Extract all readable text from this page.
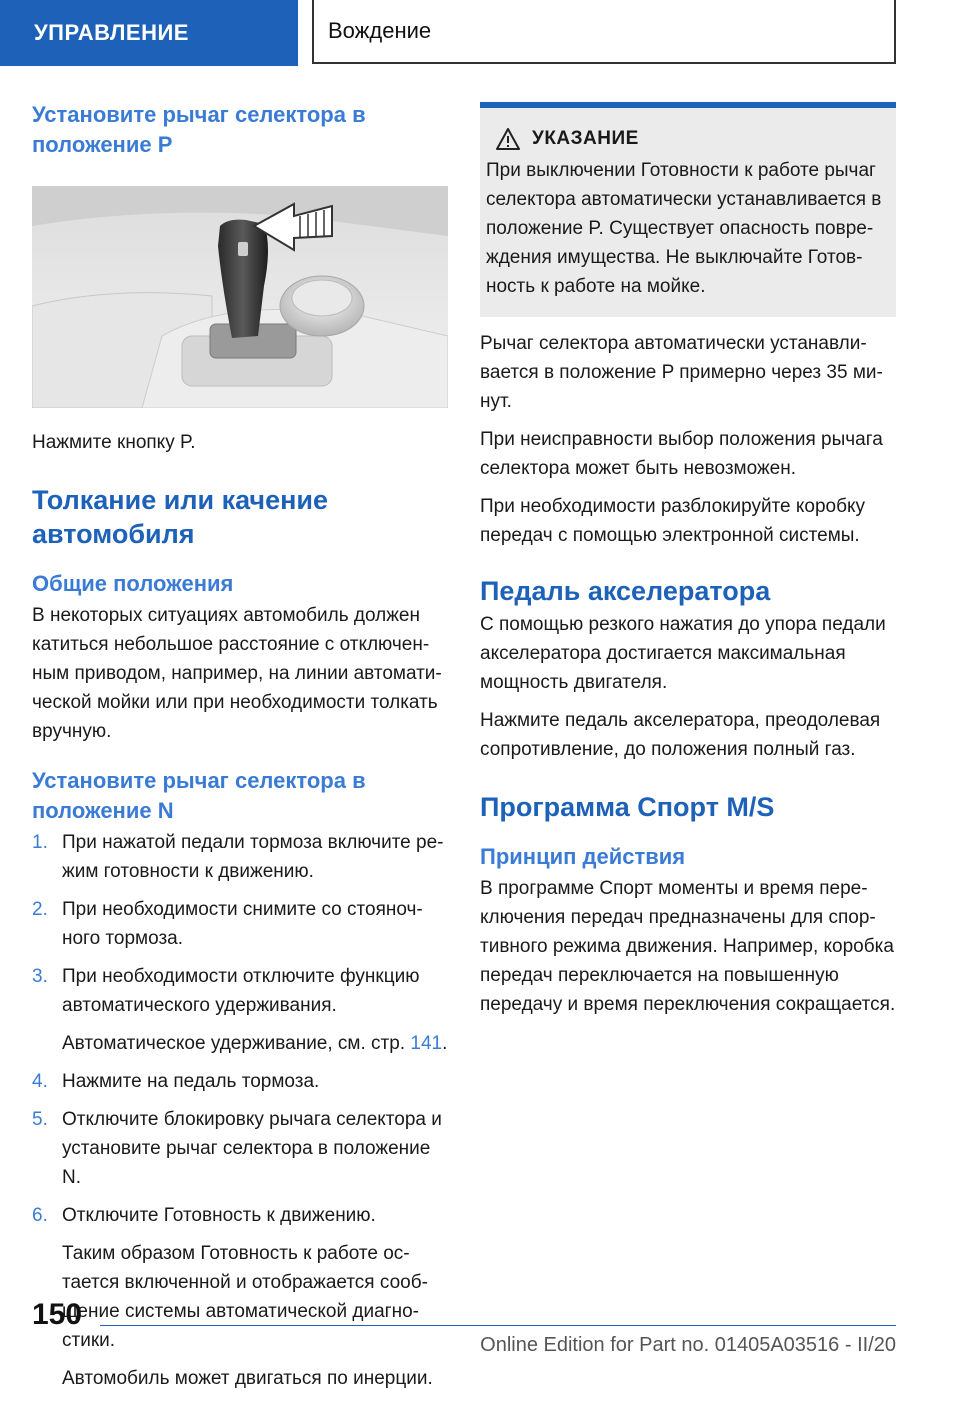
УПРАВЛЕНИЕ	Вождение
Установите рычаг селектора в положение P

Нажмите кнопку P.

Толкание или качение автомобиля
Общие положения

В некоторых ситуациях автомобиль должен катиться небольшое расстояние с отключенным приводом, например, на линии автоматической мойки или при необходимости толкать вручную.

Установите рычаг селектора в положение N
1. При нажатой педали тормоза включите режим готовности к движению.
2. При необходимости снимите со стояночного тормоза.
3. При необходимости отключите функцию автоматического удерживания.
Автоматическое удерживание, см. стр. 141.
4. Нажмите на педаль тормоза.
5. Отключите блокировку рычага селектора и установите рычаг селектора в положение N.
6. Отключите Готовность к движению.
Таким образом Готовность к работе остается включенной и отображается сообщение системы автоматической диагностики.
Автомобиль может двигаться по инерции.
УКАЗАНИЕ

При выключении Готовности к работе рычаг селектора автоматически устанавливается в положение P. Существует опасность повреждения имущества. Не выключайте Готовность к работе на мойке.

Рычаг селектора автоматически устанавливается в положение P примерно через 35 минут.

При неисправности выбор положения рычага селектора может быть невозможен.

При необходимости разблокируйте коробку передач с помощью электронной системы.

Педаль акселератора

С помощью резкого нажатия до упора педали акселератора достигается максимальная мощность двигателя.

Нажмите педаль акселератора, преодолевая сопротивление, до положения полный газ.

Программа Спорт M/S
Принцип действия

В программе Спорт моменты и время переключения передач предназначены для спортивного режима движения. Например, коробка передач переключается на повышенную передачу и время переключения сокращается.

150
Online Edition for Part no. 01405A03516 - II/20
